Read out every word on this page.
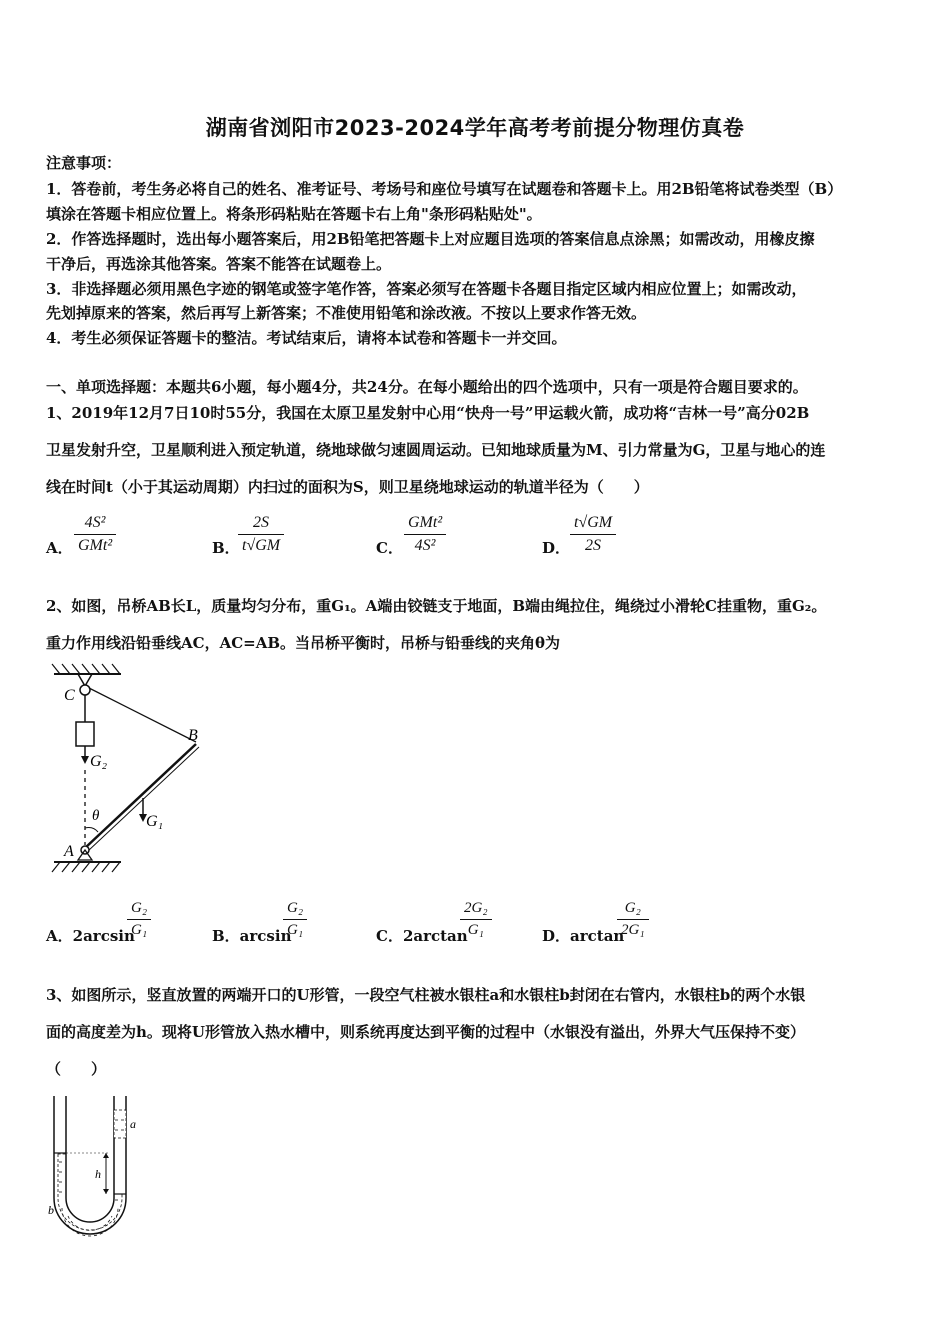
湖南省浏阳市2023-2024学年高考考前提分物理仿真卷
注意事项：
1．答卷前，考生务必将自己的姓名、准考证号、考场号和座位号填写在试题卷和答题卡上。用2B铅笔将试卷类型（B）
填涂在答题卡相应位置上。将条形码粘贴在答题卡右上角"条形码粘贴处"。
2．作答选择题时，选出每小题答案后，用2B铅笔把答题卡上对应题目选项的答案信息点涂黑；如需改动，用橡皮擦
干净后，再选涂其他答案。答案不能答在试题卷上。
3．非选择题必须用黑色字迹的钢笔或签字笔作答，答案必须写在答题卡各题目指定区域内相应位置上；如需改动，
先划掉原来的答案，然后再写上新答案；不准使用铅笔和涂改液。不按以上要求作答无效。
4．考生必须保证答题卡的整洁。考试结束后，请将本试卷和答题卡一并交回。
一、单项选择题：本题共6小题，每小题4分，共24分。在每小题给出的四个选项中，只有一项是符合题目要求的。
1、2019年12月7日10时55分，我国在太原卫星发射中心用“快舟一号”甲运载火箭，成功将“吉林一号”高分02B
卫星发射升空，卫星顺利进入预定轨道，绕地球做匀速圆周运动。已知地球质量为M、引力常量为G，卫星与地心的连
线在时间t（小于其运动周期）内扫过的面积为S，则卫星绕地球运动的轨道半径为（　　）
A．
4S²
GMt²	B．
$\frac{2S}{t√GM}$	C．
GMt²
4S²	D． $\frac{t√GM}{2S}$
2、如图，吊桥AB长L，质量均匀分布，重G₁。A端由铰链支于地面，B端由绳拉住，绳绕过小滑轮C挂重物，重G₂。
重力作用线沿铅垂线AC，AC=AB。当吊桥平衡时，吊桥与铅垂线的夹角θ为
C
G₂
B
G₁
θ
A
A．2arcsin
$\frac{\text{G₂}}{\text{G₁}}$	B．arcsin
$\frac{\text{G₂}}{\text{G₁}}$	C．2arctan
$\frac{\text{2G₂}}{\text{G₁}}$	D．arctan
$\frac{\text{G₂}}{\text{2G₁}}$
3、如图所示，竖直放置的两端开口的U形管，一段空气柱被水银柱a和水银柱b封闭在右管内，水银柱b的两个水银
面的高度差为h。现将U形管放入热水槽中，则系统再度达到平衡的过程中（水银没有溢出，外界大气压保持不变）
（　　）
a
h
b
